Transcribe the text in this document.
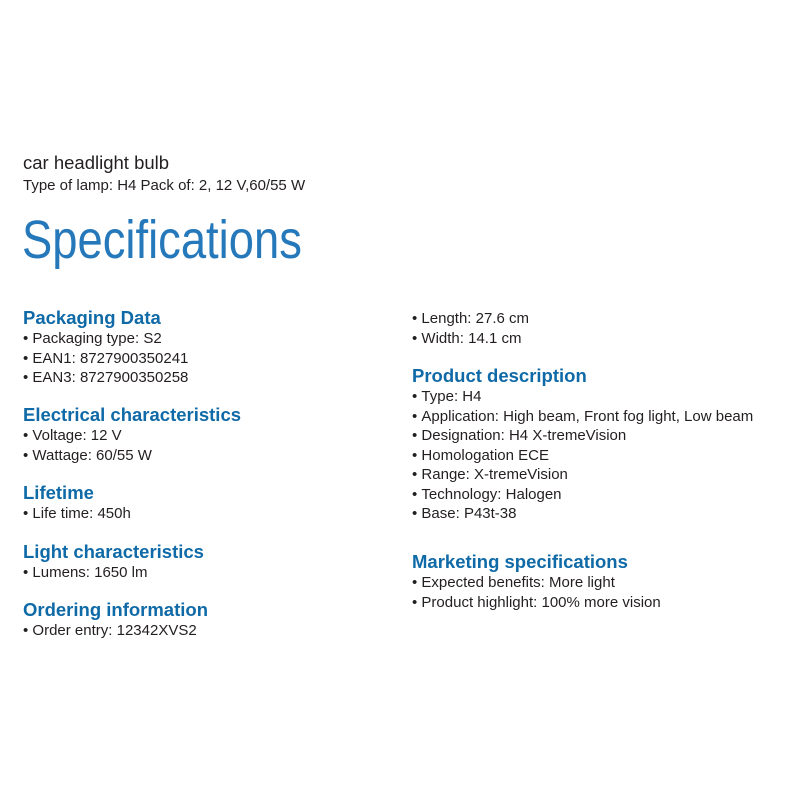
car headlight bulb
Type of lamp: H4 Pack of: 2, 12 V,60/55 W
Specifications
Packaging Data
• Packaging type: S2
• EAN1: 8727900350241
• EAN3: 8727900350258
Electrical characteristics
• Voltage: 12 V
• Wattage: 60/55 W
Lifetime
• Life time: 450h
Light characteristics
• Lumens: 1650 lm
Ordering information
• Order entry: 12342XVS2
• Length: 27.6 cm
• Width: 14.1 cm
Product description
• Type: H4
• Application: High beam, Front fog light, Low beam
• Designation: H4 X-tremeVision
• Homologation ECE
• Range: X-tremeVision
• Technology: Halogen
• Base: P43t-38
Marketing specifications
• Expected benefits: More light
• Product highlight: 100% more vision
